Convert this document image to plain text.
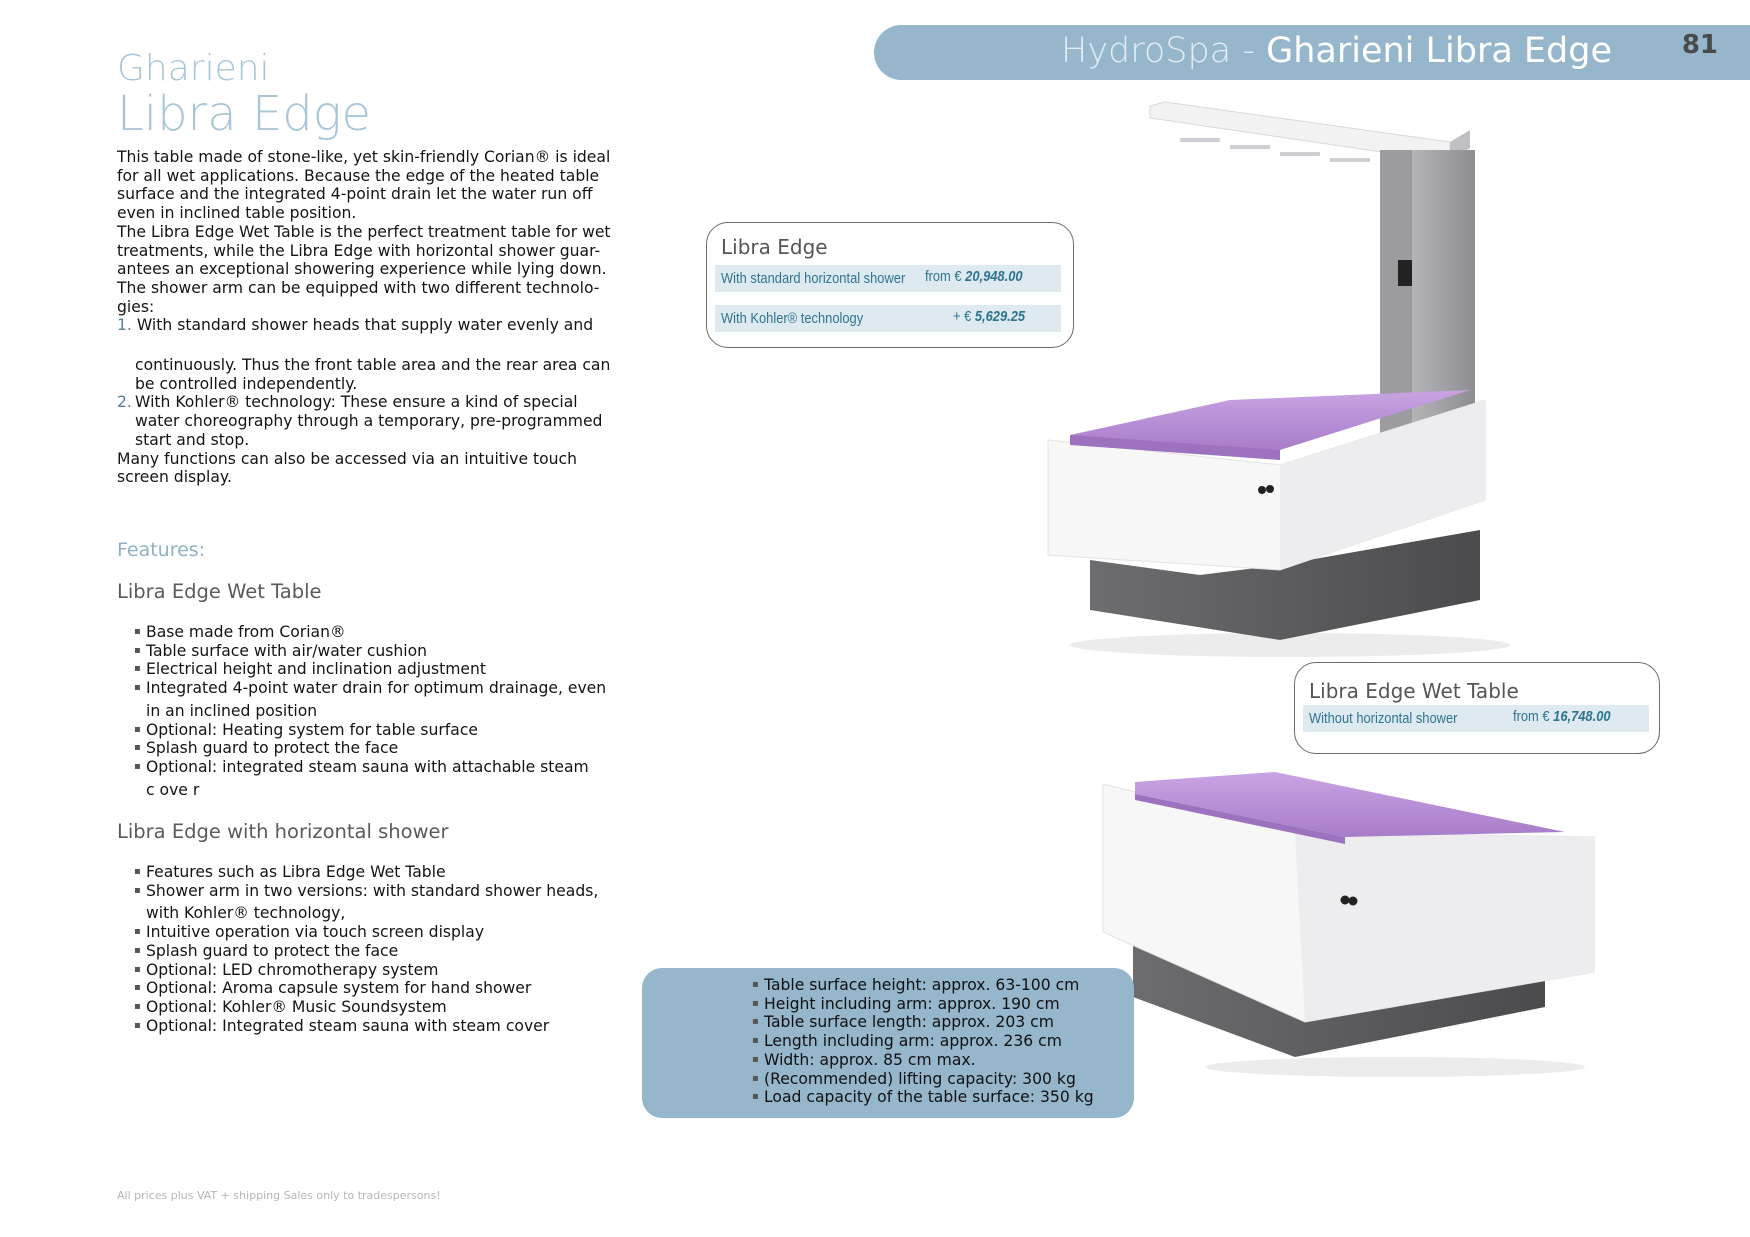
HydroSpa - Gharieni Libra Edge	81
Gharieni
Libra Edge

This table made of stone-like, yet skin-friendly Corian® is ideal for all wet applications. Because the edge of the heated table surface and the integrated 4-point drain let the water run off even in inclined table position.

The Libra Edge Wet Table is the perfect treatment table for wet treatments, while the Libra Edge with horizontal shower guar-antees an exceptional showering experience while lying down. The shower arm can be equipped with two different technolo-gies:

1. With standard shower heads that supply water evenly and

continuously. Thus the front table area and the rear area can be controlled independently.

2. With Kohler® technology: These ensure a kind of special water choreography through a temporary, pre-programmed start and stop.

Many functions can also be accessed via an intuitive touch screen display.

Features:
Libra Edge Wet Table
▪ Base made from Corian®
▪ Table surface with air/water cushion
▪ Electrical height and inclination adjustment
▪ Integrated 4-point water drain for optimum drainage, even
in an inclined position
▪ Optional: Heating system for table surface
▪ Splash guard to protect the face
▪ Optional: integrated steam sauna with attachable steam
c ove r
Libra Edge with horizontal shower
▪ Features such as Libra Edge Wet Table
▪ Shower arm in two versions: with standard shower heads,
with Kohler® technology,
▪ Intuitive operation via touch screen display
▪ Splash guard to protect the face
▪ Optional: LED chromotherapy system
▪ Optional: Aroma capsule system for hand shower
▪ Optional: Kohler® Music Soundsystem
▪ Optional: Integrated steam sauna with steam cover
Libra Edge
With standard horizontal shower from € 20,948.00
With Kohler® technology	+ € 5,629.25
Libra Edge Wet Table
Without horizontal shower	from € 16,748.00
▪ Table surface height: approx. 63-100 cm
▪ Height including arm: approx. 190 cm
▪ Table surface length: approx. 203 cm
▪ Length including arm: approx. 236 cm
▪ Width: approx. 85 cm max.
▪ (Recommended) lifting capacity: 300 kg
▪ Load capacity of the table surface: 350 kg
All prices plus VAT + shipping Sales only to tradespersons!
